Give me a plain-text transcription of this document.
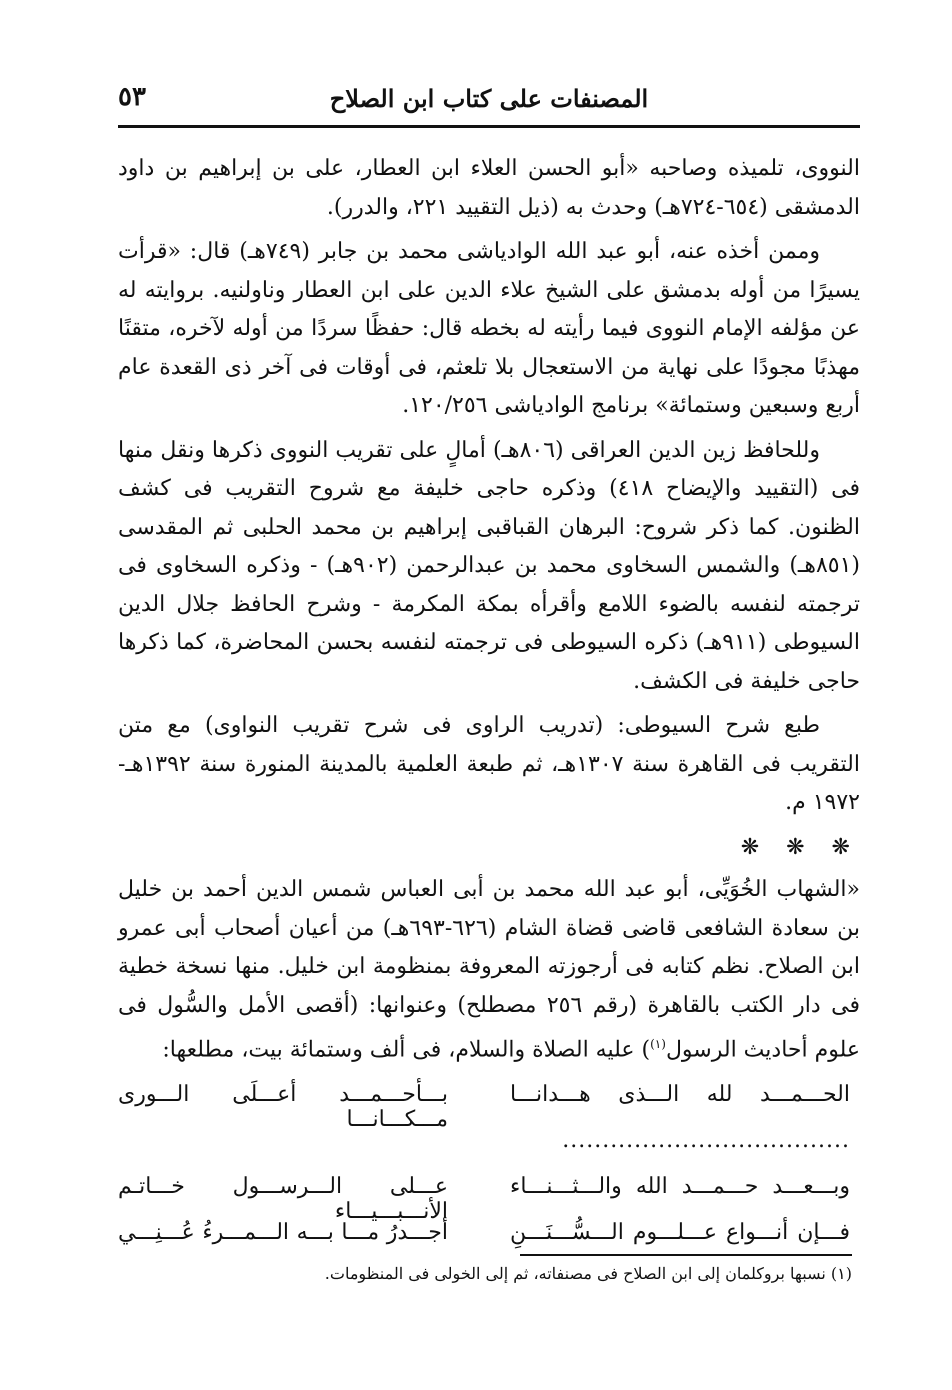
المصنفات على كتاب ابن الصلاح
٥٣

النووى، تلميذه وصاحبه «أبو الحسن العلاء ابن العطار، على بن إبراهيم بن داود الدمشقى (٦٥٤-٧٢٤هـ) وحدث به (ذيل التقييد ٢٢١، والدرر).

وممن أخذه عنه، أبو عبد الله الوادياشى محمد بن جابر (٧٤٩هـ) قال: «قرأت يسيرًا من أوله بدمشق على الشيخ علاء الدين على ابن العطار وناولنيه. بروايته له عن مؤلفه الإمام النووى فيما رأيته له بخطه قال: حفظًا سردًا من أوله لآخره، متقنًا مهذبًا مجودًا على نهاية من الاستعجال بلا تلعثم، فى أوقات فى آخر ذى القعدة عام أربع وسبعين وستمائة» برنامج الوادياشى ١٢٠/٢٥٦.

وللحافظ زين الدين العراقى (٨٠٦هـ) أمالٍ على تقريب النووى ذكرها ونقل منها فى (التقييد والإيضاح ٤١٨) وذكره حاجى خليفة مع شروح التقريب فى كشف الظنون. كما ذكر شروح: البرهان القباقبى إبراهيم بن محمد الحلبى ثم المقدسى (٨٥١هـ) والشمس السخاوى محمد بن عبدالرحمن (٩٠٢هـ) - وذكره السخاوى فى ترجمته لنفسه بالضوء اللامع وأقرأه بمكة المكرمة - وشرح الحافظ جلال الدين السيوطى (٩١١هـ) ذكره السيوطى فى ترجمته لنفسه بحسن المحاضرة، كما ذكرها حاجى خليفة فى الكشف.

طبع شرح السيوطى: (تدريب الراوى فى شرح تقريب النواوى) مع متن التقريب فى القاهرة سنة ١٣٠٧هـ، ثم طبعة العلمية بالمدينة المنورة سنة ١٣٩٢هـ- ١٩٧٢ م.

❋ ❋ ❋

«الشهاب الخُوَيِّى، أبو عبد الله محمد بن أبى العباس شمس الدين أحمد بن خليل بن سعادة الشافعى قاضى قضاة الشام (٦٢٦-٦٩٣هـ) من أعيان أصحاب أبى عمرو ابن الصلاح. نظم كتابه فى أرجوزته المعروفة بمنظومة ابن خليل. منها نسخة خطية فى دار الكتب بالقاهرة (رقم ٢٥٦ مصطلح) وعنوانها: (أقصى الأمل والسُّول فى علوم أحاديث الرسول$^{(١)}$) عليه الصلاة والسلام، فى ألف وستمائة بيت، مطلعها:

الحـــمـــد لله الـــذى هـــدانـــا
بـــأحـــمـــد أعـــلَى الـــورى مـــكـــانـــا
....................................
وبـــعـــد حـــمـــد الله والـــثـــنـــاء
عـــلى الـــرســـول خـــاتـم الأنـــبـــيـــاء
فـــإن أنـــواع عـــلـــوم الـــسُّـــنَـــنِ
أجـــدرُ مـــا بـــه الـــمـــرءُ عُـــنِـــي
(١) نسبها بروكلمان إلى ابن الصلاح فى مصنفاته، ثم إلى الخولى فى المنظومات.
